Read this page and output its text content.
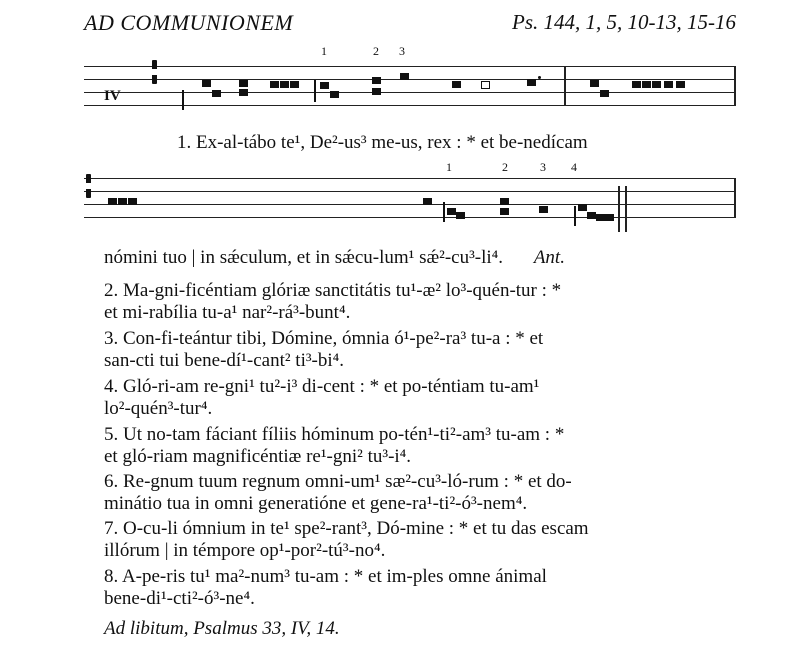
AD COMMUNIONEM	Ps. 144, 1, 5, 10-13, 15-16
IV
1	2 3
1. Ex-al-tábo te¹, De²-us³ me-us, rex : * et be-nedícam
1	2	3 4
nómini tuo | in sǽculum, et in sǽcu-lum¹ sǽ²-cu³-li⁴. Ant.
2. Ma-gni-ficéntiam glóriæ sanctitátis tu¹-æ² lo³-quén-tur : *
et mi-rabília tu-a¹ nar²-rá³-bunt⁴.
3. Con-fi-teántur tibi, Dómine, ómnia ó¹-pe²-ra³ tu-a : * et
san-cti tui bene-dí¹-cant² ti³-bi⁴.
4. Gló-ri-am re-gni¹ tu²-i³ di-cent : * et po-téntiam tu-am¹
lo²-quén³-tur⁴.
5. Ut no-tam fáciant fíliis hóminum po-tén¹-ti²-am³ tu-am : *
et gló-riam magnificéntiæ re¹-gni² tu³-i⁴.
6. Re-gnum tuum regnum omni-um¹ sæ²-cu³-ló-rum : * et do-
minátio tua in omni generatióne et gene-ra¹-ti²-ó³-nem⁴.
7. O-cu-li ómnium in te¹ spe²-rant³, Dó-mine : * et tu das escam
illórum | in témpore op¹-por²-tú³-no⁴.
8. A-pe-ris tu¹ ma²-num³ tu-am : * et im-ples omne ánimal
bene-di¹-cti²-ó³-ne⁴.
Ad libitum, Psalmus 33, IV, 14.
